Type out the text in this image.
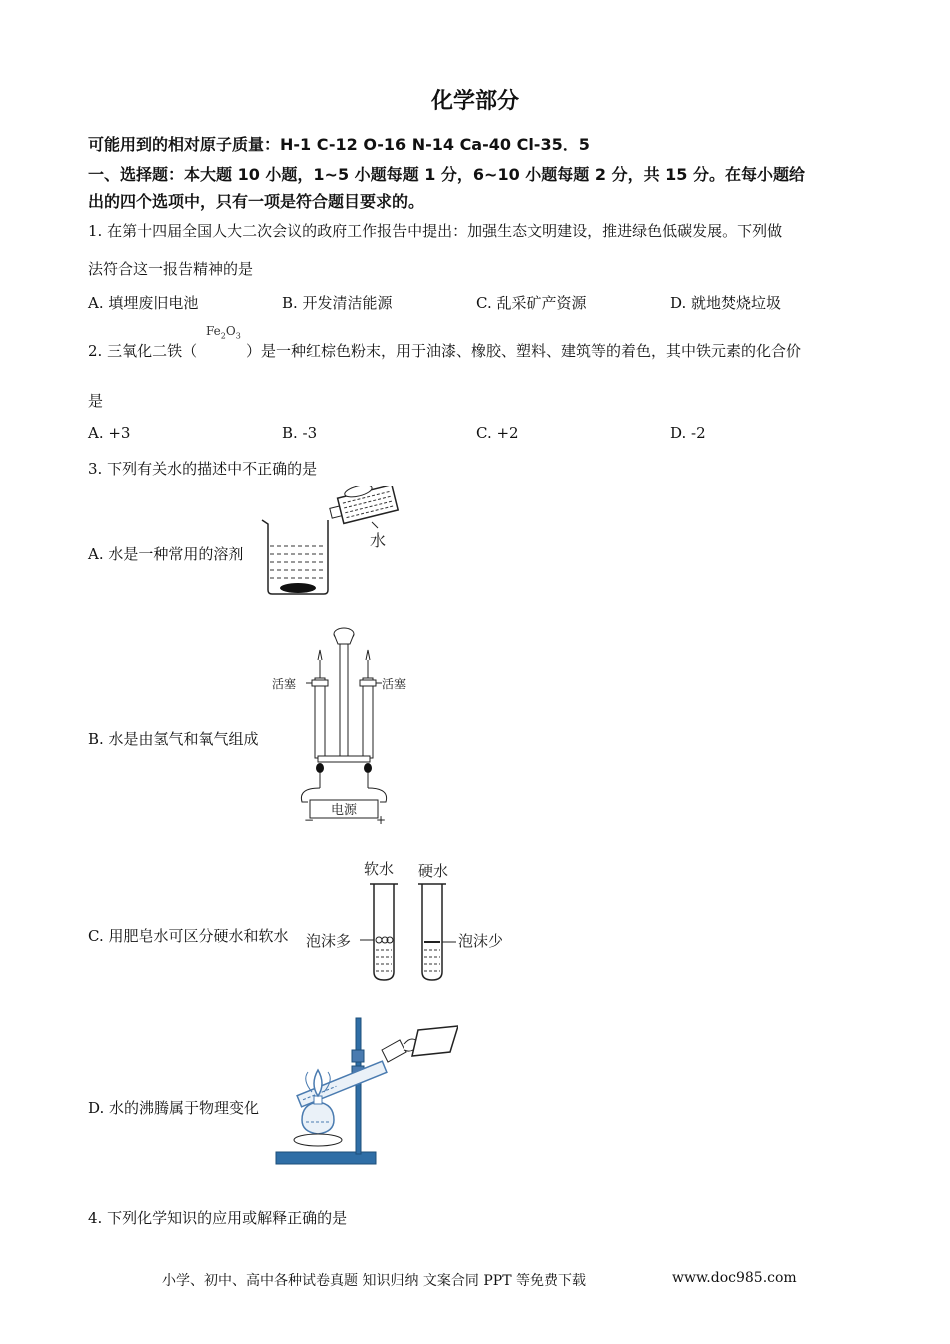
化学部分
可能用到的相对原子质量：H-1 C-12 O-16 N-14 Ca-40 Cl-35．5
一、选择题：本大题 10 小题，1~5 小题每题 1 分，6~10 小题每题 2 分，共 15 分。在每小题给
出的四个选项中，只有一项是符合题目要求的。
1. 在第十四届全国人大二次会议的政府工作报告中提出：加强生态文明建设，推进绿色低碳发展。下列做
法符合这一报告精神的是
A. 填埋废旧电池	B. 开发清洁能源	C. 乱采矿产资源	D. 就地焚烧垃圾
2. 三氧化二铁（
$Fe_2O_3$
）是一种红棕色粉末，用于油漆、橡胶、塑料、建筑等的着色，其中铁元素的化合价
是
A. +3	B. -3	C. +2	D. -2
3. 下列有关水的描述中不正确的是
A. 水是一种常用的溶剂
水
B. 水是由氢气和氧气组成
电源
−	+
活塞	活塞
C. 用肥皂水可区分硬水和软水
软水 硬水
泡沫多	泡沫少
D. 水的沸腾属于物理变化
4. 下列化学知识的应用或解释正确的是
小学、初中、高中各种试卷真题 知识归纳 文案合同 PPT 等免费下载	www.doc985.com
